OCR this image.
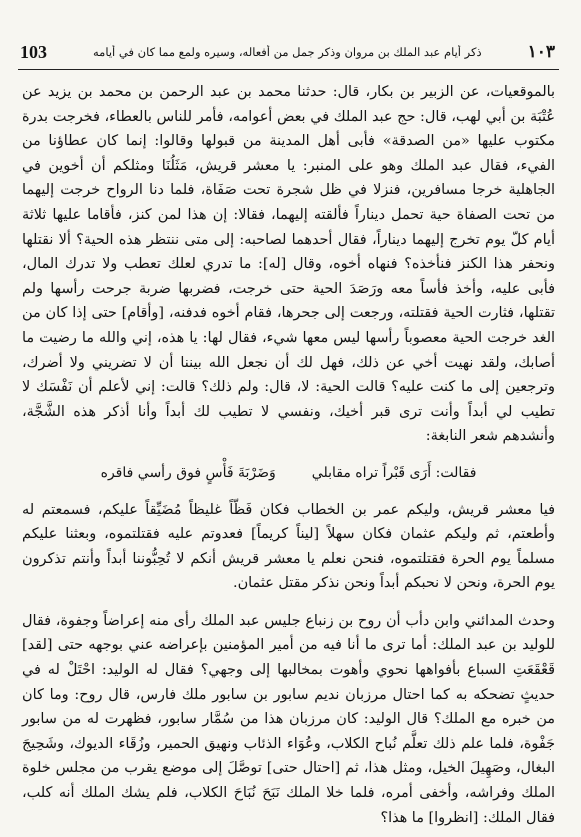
103	ذكر أيام عبد الملك بن مروان وذكر جمل من أفعاله، وسيره ولمع مما كان في أيامه	١٠٣

بالموقعيات، عن الزبير بن بكار، قال: حدثنا محمد بن عبد الرحمن بن محمد بن يزيد عن عُتْبَة بن أبي لهب، قال: حج عبد الملك في بعض أعوامه، فأمر للناس بالعطاء، فخرجت بدرة مكتوب عليها «من الصدقة» فأبى أهل المدينة من قبولها وقالوا: إنما كان عطاؤنا من الفيء، فقال عبد الملك وهو على المنبر: يا معشر قريش، مَثَلُنَا ومثلكم أن أخوين في الجاهلية خرجا مسافرين، فنزلا في ظل شجرة تحت صَفَاة، فلما دنا الرواح خرجت إليهما من تحت الصفاة حية تحمل ديناراً فألقته إليهما، فقالا: إن هذا لمن كنز، فأقاما عليها ثلاثة أيام كلّ يوم تخرج إليهما ديناراً، فقال أحدهما لصاحبه: إلى متى ننتظر هذه الحية؟ ألا نقتلها ونحفر هذا الكنز فنأخذه؟ فنهاه أخوه، وقال [له]: ما تدري لعلك تعطب ولا تدرك المال، فأبى عليه، وأخذ فأساً معه ورَصَدَ الحية حتى خرجت، فضربها ضربة جرحت رأسها ولم تقتلها، فثارت الحية فقتلته، ورجعت إلى جحرها، فقام أخوه فدفنه، [وأقام] حتى إذا كان من الغد خرجت الحية معصوباً رأسها ليس معها شيء، فقال لها: يا هذه، إني والله ما رضيت ما أصابك، ولقد نهيت أخي عن ذلك، فهل لك أن نجعل الله بيننا أن لا تضريني ولا أضرك، وترجعين إلى ما كنت عليه؟ قالت الحية: لا، قال: ولم ذلك؟ قالت: إني لأعلم أن نَفْسَك لا تطيب لي أبداً وأنت ترى قبر أخيك، ونفسي لا تطيب لك أبداً وأنا أذكر هذه الشَّجَّة، وأنشدهم شعر النابغة:

فقالت: أَرَى قَبْراً تراه مقابلي
وَضَرْبَةَ فَأْسٍ فوق رأسي فاقره

فيا معشر قريش، وليكم عمر بن الخطاب فكان فَظّاً غليظاً مُضَيِّقاً عليكم، فسمعتم له وأطعتم، ثم وليكم عثمان فكان سهلاً [ليناً كريماً] فعدوتم عليه فقتلتموه، وبعثنا عليكم مسلماً يوم الحرة فقتلتموه، فنحن نعلم يا معشر قريش أنكم لا تُحِبُّوننا أبداً وأنتم تذكرون يوم الحرة، ونحن لا نحبكم أبداً ونحن نذكر مقتل عثمان.

وحدث المدائني وابن دأب أن روح بن زنباع جليس عبد الملك رأى منه إعراضاً وجفوة، فقال للوليد بن عبد الملك: أما ترى ما أنا فيه من أمير المؤمنين بإعراضه عني بوجهه حتى [لقد] قَعْقَعَتِ السباع بأفواهها نحوي وأهوت بمخالبها إلى وجهي؟ فقال له الوليد: احْتَلْ له في حديثٍ تضحكه به كما احتال مرزبان نديم سابور بن سابور ملك فارس، قال روح: وما كان من خبره مع الملك؟ قال الوليد: كان مرزبان هذا من سُمَّار سابور، فظهرت له من سابور جَفْوة، فلما علم ذلك تعلَّم نُباح الكلاب، وعُوَاء الذئاب ونهيق الحمير، وزُقَاء الديوك، وشَحِيجَ البغال، وصَهِيلَ الخيل، ومثل هذا، ثم [احتال حتى] توصَّلَ إلى موضع يقرب من مجلس خلوة الملك وفراشه، وأخفى أمره، فلما خلا الملك نَبَحَ نُبَاحَ الكلاب، فلم يشك الملك أنه كلب، فقال الملك: [انظروا] ما هذا؟
